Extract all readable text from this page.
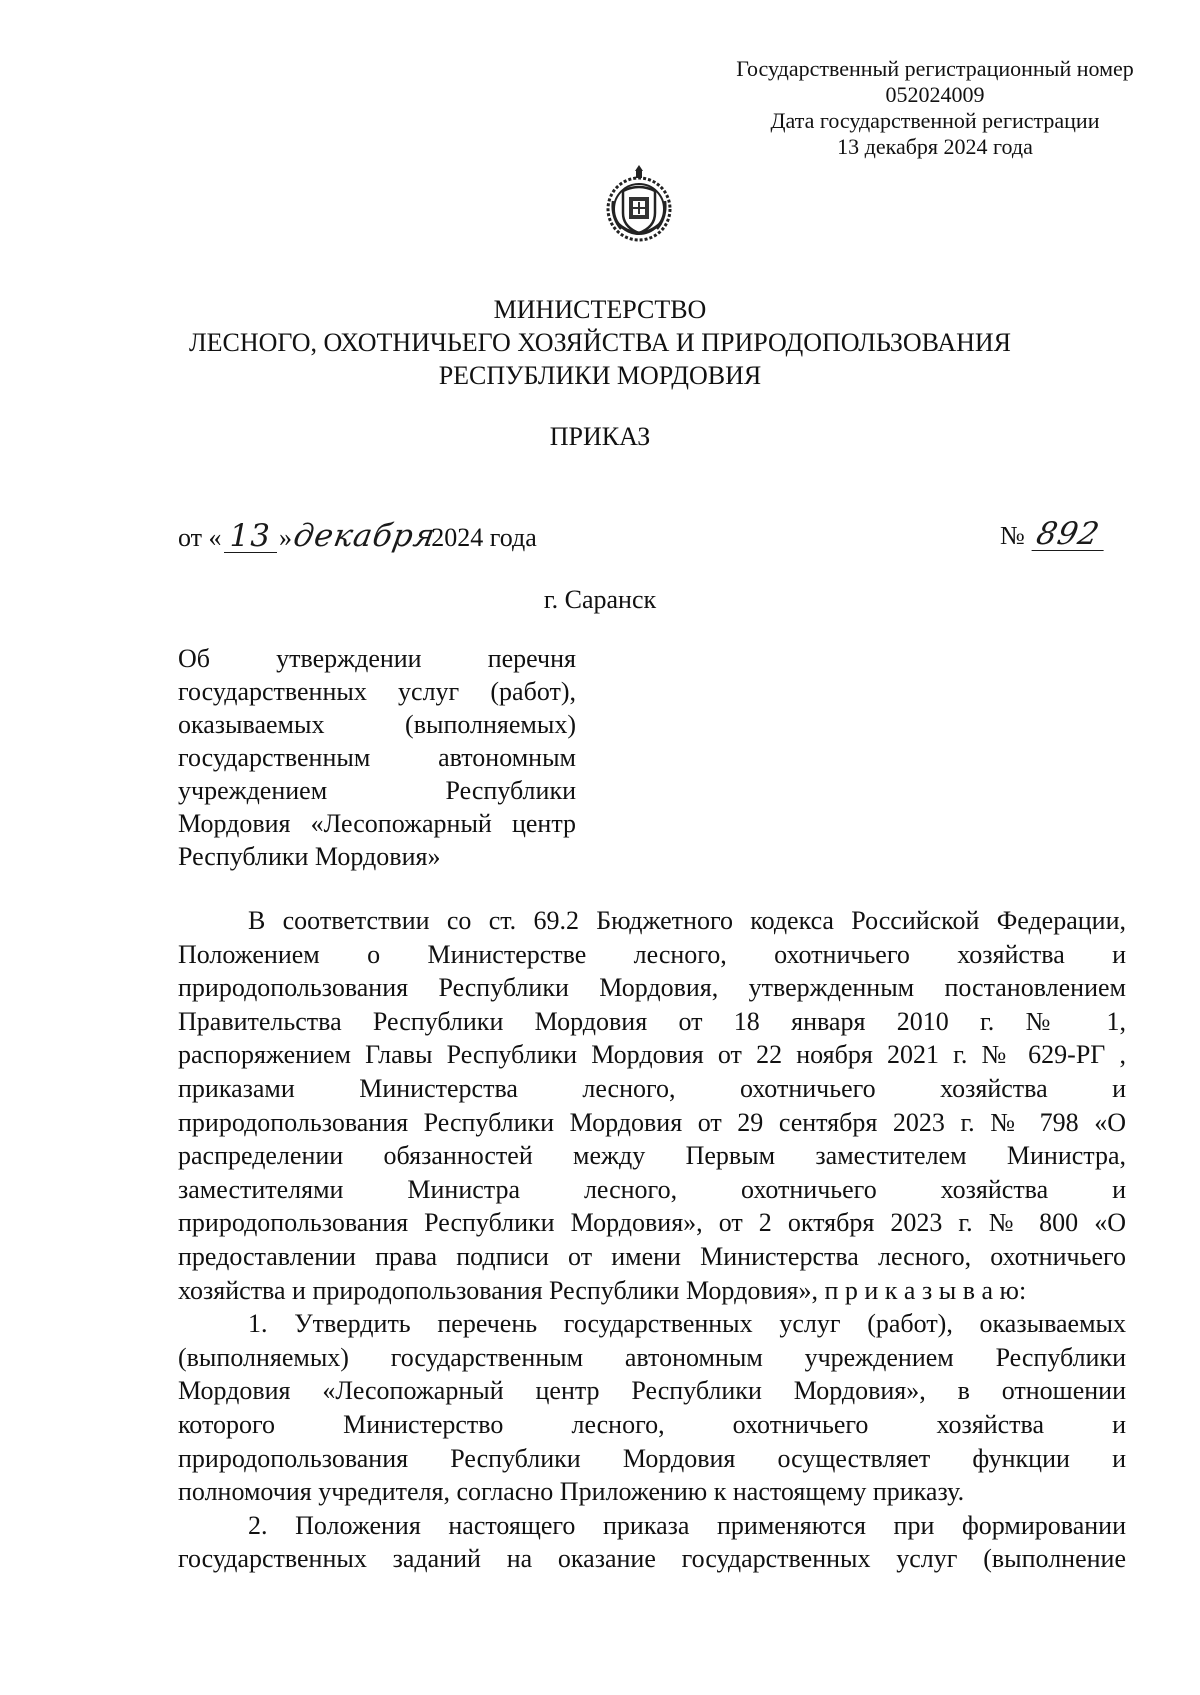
Государственный регистрационный номер
052024009
Дата государственной регистрации
13 декабря 2024 года
МИНИСТЕРСТВО
ЛЕСНОГО, ОХОТНИЧЬЕГО ХОЗЯЙСТВА И ПРИРОДОПОЛЬЗОВАНИЯ
РЕСПУБЛИКИ МОРДОВИЯ
ПРИКАЗ
от « 13 »декабря2024 года	№ 892
г. Саранск
Об утверждении перечня
государственных услуг (работ),
оказываемых (выполняемых)
государственным автономным
учреждением Республики
Мордовия «Лесопожарный центр
Республики Мордовия»
В соответствии со ст. 69.2 Бюджетного кодекса Российской Федерации,
Положением о Министерстве лесного, охотничьего хозяйства и
природопользования Республики Мордовия, утвержденным постановлением
Правительства Республики Мордовия от 18 января 2010 г. № 1,
распоряжением Главы Республики Мордовия от 22 ноября 2021 г. № 629-РГ ,
приказами Министерства лесного, охотничьего хозяйства и
природопользования Республики Мордовия от 29 сентября 2023 г. № 798 «О
распределении обязанностей между Первым заместителем Министра,
заместителями Министра лесного, охотничьего хозяйства и
природопользования Республики Мордовия», от 2 октября 2023 г. № 800 «О
предоставлении права подписи от имени Министерства лесного, охотничьего
хозяйства и природопользования Республики Мордовия», п р и к а з ы в а ю:
1. Утвердить перечень государственных услуг (работ), оказываемых
(выполняемых) государственным автономным учреждением Республики
Мордовия «Лесопожарный центр Республики Мордовия», в отношении
которого Министерство лесного, охотничьего хозяйства и
природопользования Республики Мордовия осуществляет функции и
полномочия учредителя, согласно Приложению к настоящему приказу.
2. Положения настоящего приказа применяются при формировании
государственных заданий на оказание государственных услуг (выполнение
